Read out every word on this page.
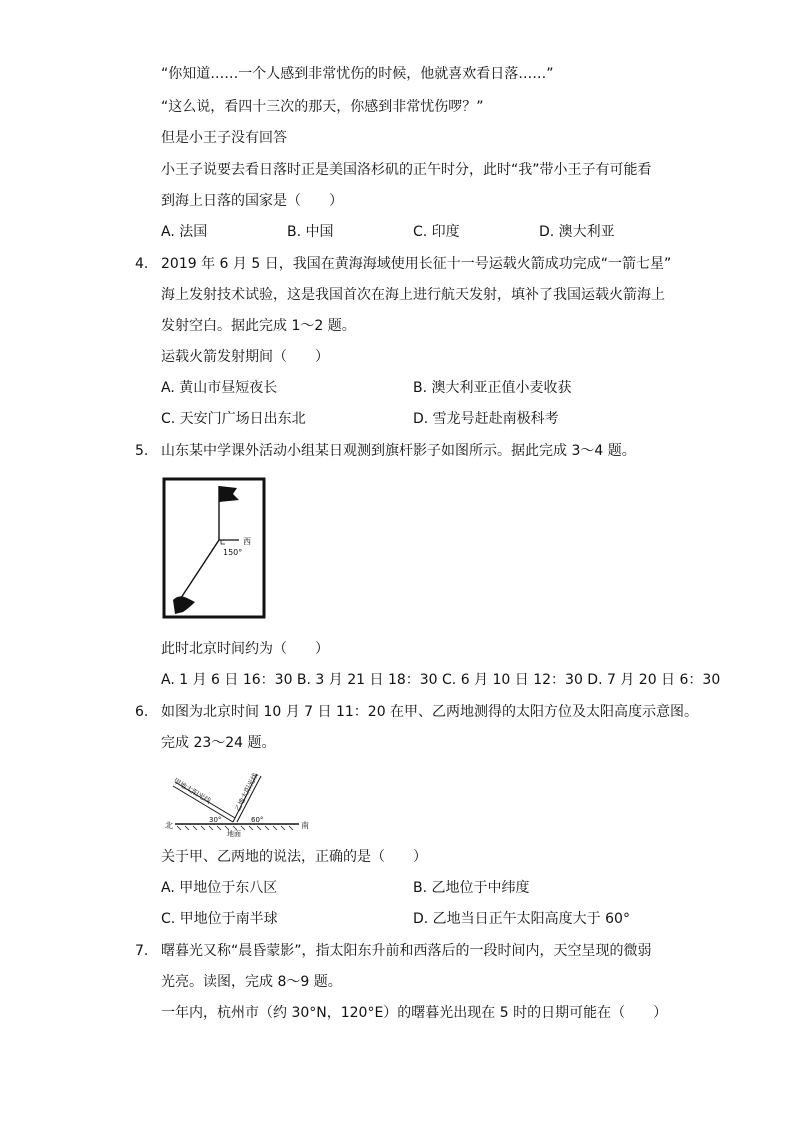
“你知道……一个人感到非常忧伤的时候，他就喜欢看日落……”
“这么说，看四十三次的那天，你感到非常忧伤啰？”
但是小王子没有回答
小王子说要去看日落时正是美国洛杉矶的正午时分，此时“我”带小王子有可能看
到海上日落的国家是（　　）
A. 法国	B. 中国	C. 印度	D. 澳大利亚
4. 2019 年 6 月 5 日，我国在黄海海域使用长征十一号运载火箭成功完成“一箭七星”
海上发射技术试验，这是我国首次在海上进行航天发射，填补了我国运载火箭海上
发射空白。据此完成 1～2 题。
运载火箭发射期间（　　）
A. 黄山市昼短夜长	B. 澳大利亚正值小麦收获
C. 天安门广场日出东北	D. 雪龙号赶赴南极科考
5. 山东某中学课外活动小组某日观测到旗杆影子如图所示。据此完成 3～4 题。
150°
西
此时北京时间约为（　　）
A. 1 月 6 日 16：30 B. 3 月 21 日 18：30 C. 6 月 10 日 12：30 D. 7 月 20 日 6：30
6. 如图为北京时间 10 月 7 日 11：20 在甲、乙两地测得的太阳方位及太阳高度示意图。
完成 23～24 题。
甲地太阳光线	乙地太阳光线
30°	60°
北	南
地面
关于甲、乙两地的说法，正确的是（　　）
A. 甲地位于东八区	B. 乙地位于中纬度
C. 甲地位于南半球	D. 乙地当日正午太阳高度大于 60°
7. 曙暮光又称“晨昏蒙影”，指太阳东升前和西落后的一段时间内，天空呈现的微弱
光亮。读图，完成 8～9 题。
一年内，杭州市（约 30°N，120°E）的曙暮光出现在 5 时的日期可能在（　　）
